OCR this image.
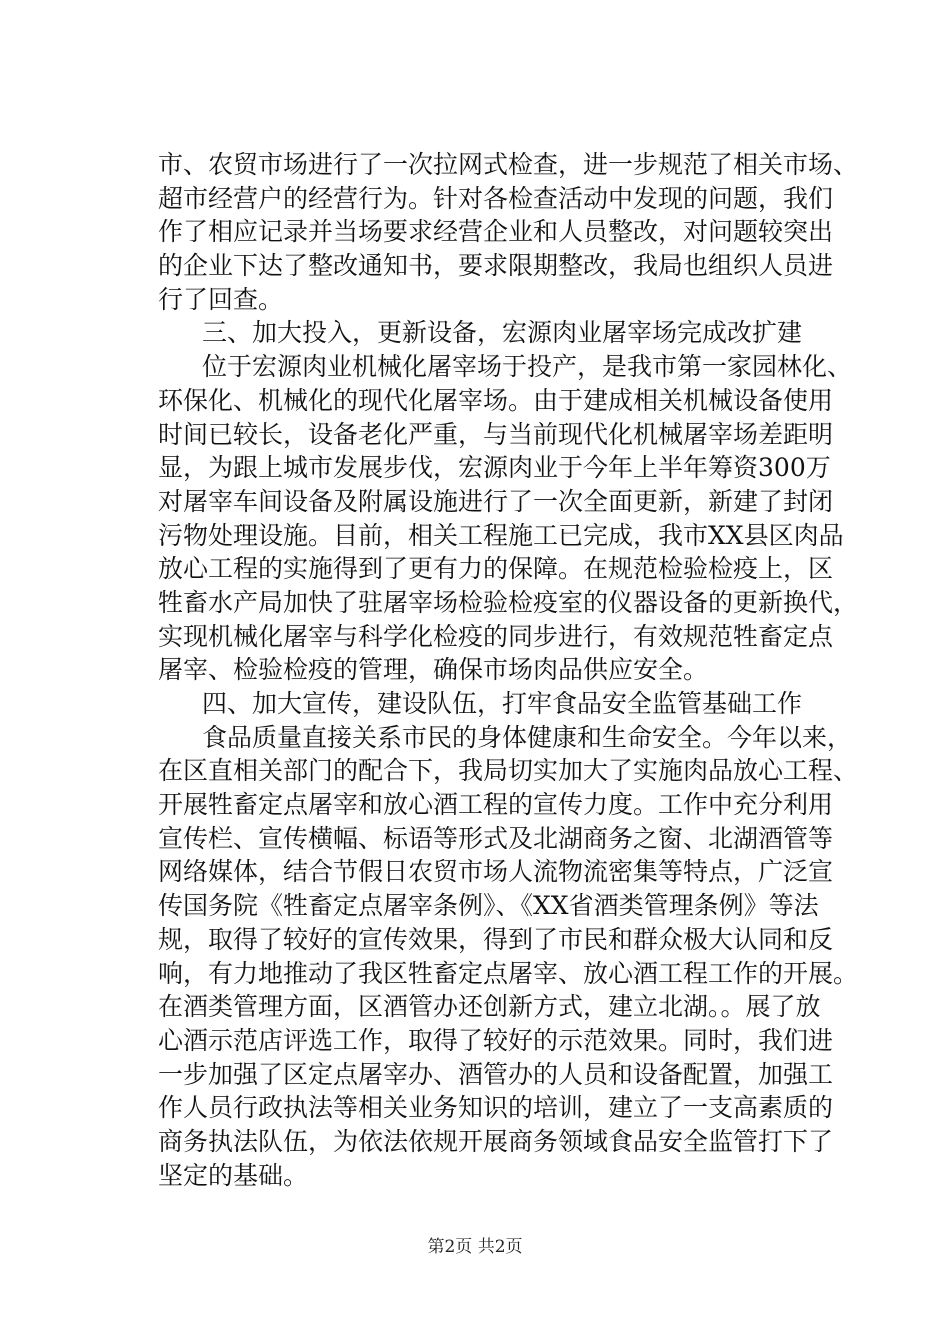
市、农贸市场进行了一次拉网式检查，进一步规范了相关市场、
超市经营户的经营行为。针对各检查活动中发现的问题，我们
作了相应记录并当场要求经营企业和人员整改，对问题较突出
的企业下达了整改通知书，要求限期整改，我局也组织人员进
行了回查。
三、加大投入，更新设备，宏源肉业屠宰场完成改扩建
位于宏源肉业机械化屠宰场于投产，是我市第一家园林化、
环保化、机械化的现代化屠宰场。由于建成相关机械设备使用
时间已较长，设备老化严重，与当前现代化机械屠宰场差距明
显，为跟上城市发展步伐，宏源肉业于今年上半年筹资300万
对屠宰车间设备及附属设施进行了一次全面更新，新建了封闭
污物处理设施。目前，相关工程施工已完成，我市XX县区肉品
放心工程的实施得到了更有力的保障。在规范检验检疫上，区
牲畜水产局加快了驻屠宰场检验检疫室的仪器设备的更新换代，
实现机械化屠宰与科学化检疫的同步进行，有效规范牲畜定点
屠宰、检验检疫的管理，确保市场肉品供应安全。
四、加大宣传，建设队伍，打牢食品安全监管基础工作
食品质量直接关系市民的身体健康和生命安全。今年以来，
在区直相关部门的配合下，我局切实加大了实施肉品放心工程、
开展牲畜定点屠宰和放心酒工程的宣传力度。工作中充分利用
宣传栏、宣传横幅、标语等形式及北湖商务之窗、北湖酒管等
网络媒体，结合节假日农贸市场人流物流密集等特点，广泛宣
传国务院《牲畜定点屠宰条例》、《XX省酒类管理条例》等法
规，取得了较好的宣传效果，得到了市民和群众极大认同和反
响，有力地推动了我区牲畜定点屠宰、放心酒工程工作的开展。
在酒类管理方面，区酒管办还创新方式，建立北湖。。展了放
心酒示范店评选工作，取得了较好的示范效果。同时，我们进
一步加强了区定点屠宰办、酒管办的人员和设备配置，加强工
作人员行政执法等相关业务知识的培训，建立了一支高素质的
商务执法队伍，为依法依规开展商务领域食品安全监管打下了
坚定的基础。
第2页 共2页
